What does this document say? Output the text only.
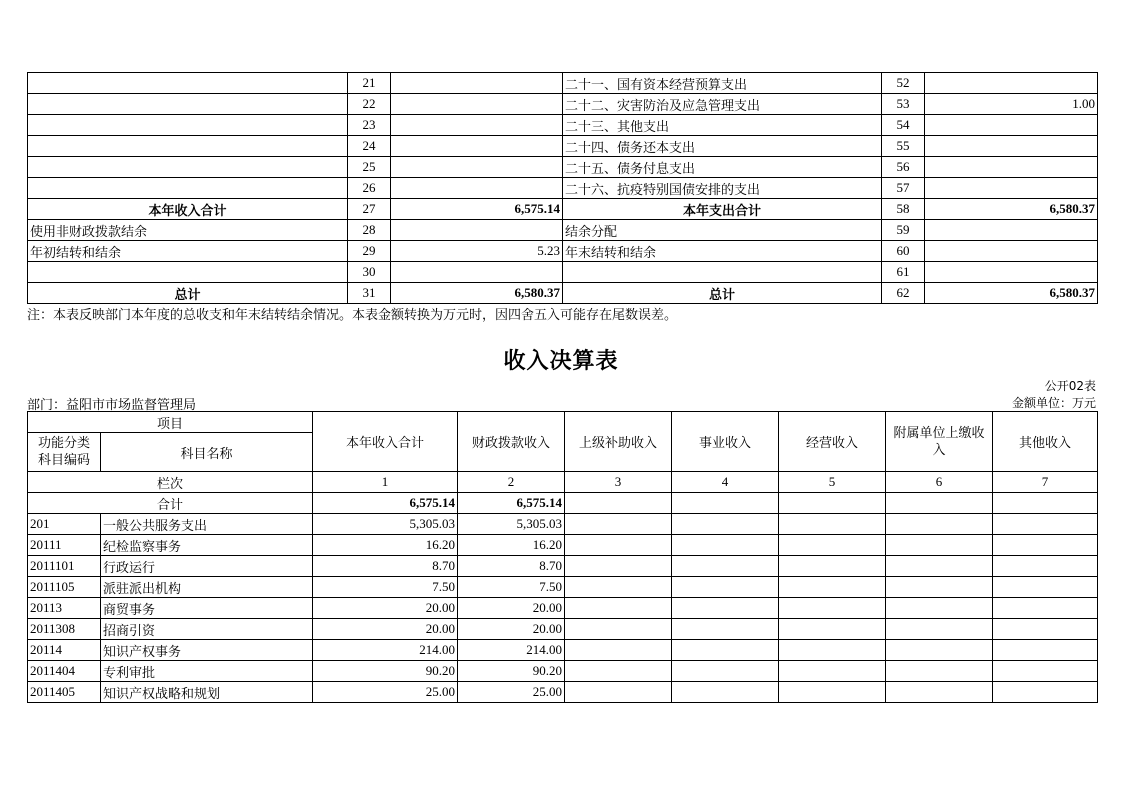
	21		二十一、国有资本经营预算支出	52	
	22		二十二、灾害防治及应急管理支出	53	1.00
	23		二十三、其他支出	54	
	24		二十四、债务还本支出	55	
	25		二十五、债务付息支出	56	
	26		二十六、抗疫特别国债安排的支出	57	
本年收入合计	27	6,575.14	本年支出合计	58	6,580.37
使用非财政拨款结余	28		结余分配	59	
年初结转和结余	29	5.23	年末结转和结余	60	
	30			61	
总计	31	6,580.37	总计	62	6,580.37
注：本表反映部门本年度的总收支和年末结转结余情况。本表金额转换为万元时，因四舍五入可能存在尾数误差。
收入决算表
公开02表
部门：益阳市市场监督管理局	金额单位：万元
项目		本年收入合计	财政拨款收入	上级补助收入	事业收入	经营收入	附属单位上缴收入	其他收入
功能分类
科目编码	科目名称							
栏次		1	2	3	4	5	6	7
合计		6,575.14	6,575.14					
201	一般公共服务支出	5,305.03	5,305.03					
20111	纪检监察事务	16.20	16.20					
2011101	行政运行	8.70	8.70					
2011105	派驻派出机构	7.50	7.50					
20113	商贸事务	20.00	20.00					
2011308	招商引资	20.00	20.00					
20114	知识产权事务	214.00	214.00					
2011404	专利审批	90.20	90.20					
2011405	知识产权战略和规划	25.00	25.00					
